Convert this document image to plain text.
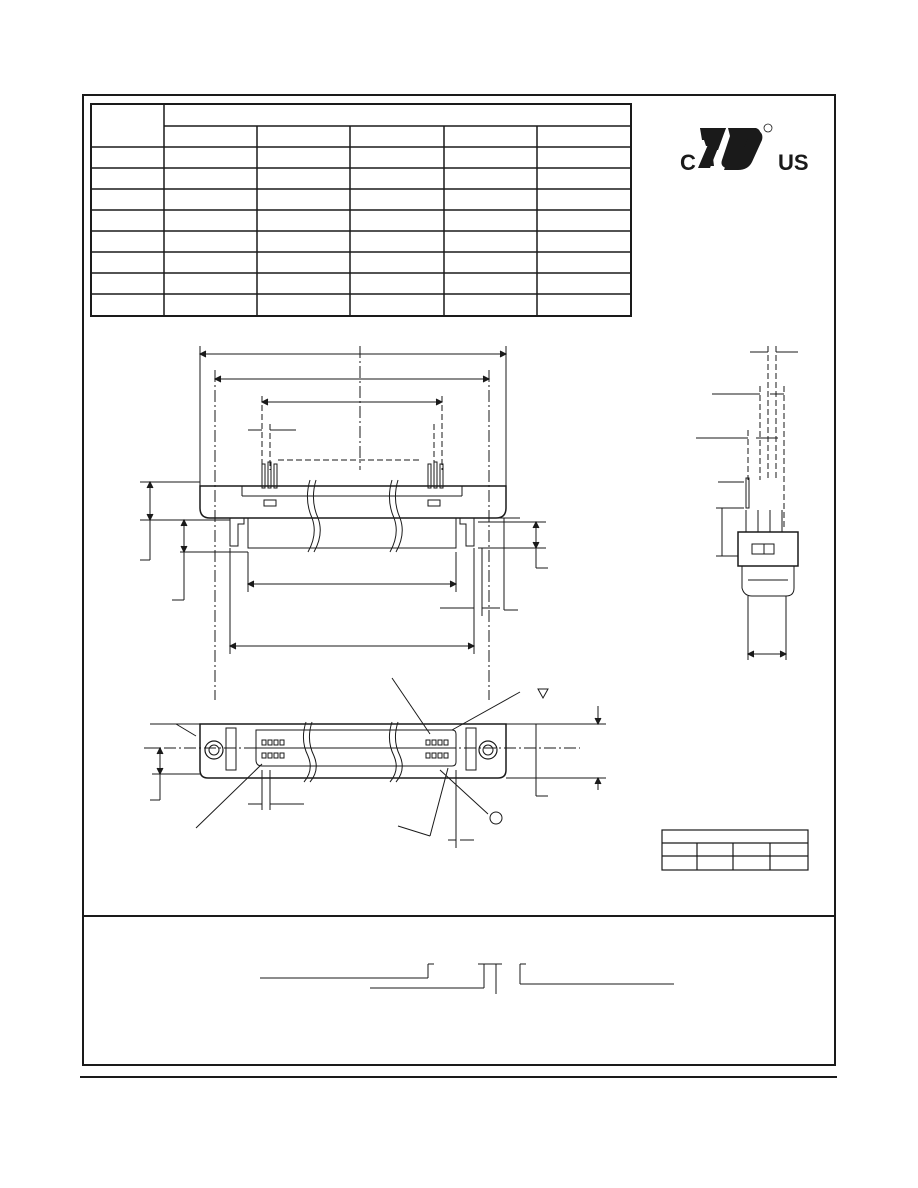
C	US
